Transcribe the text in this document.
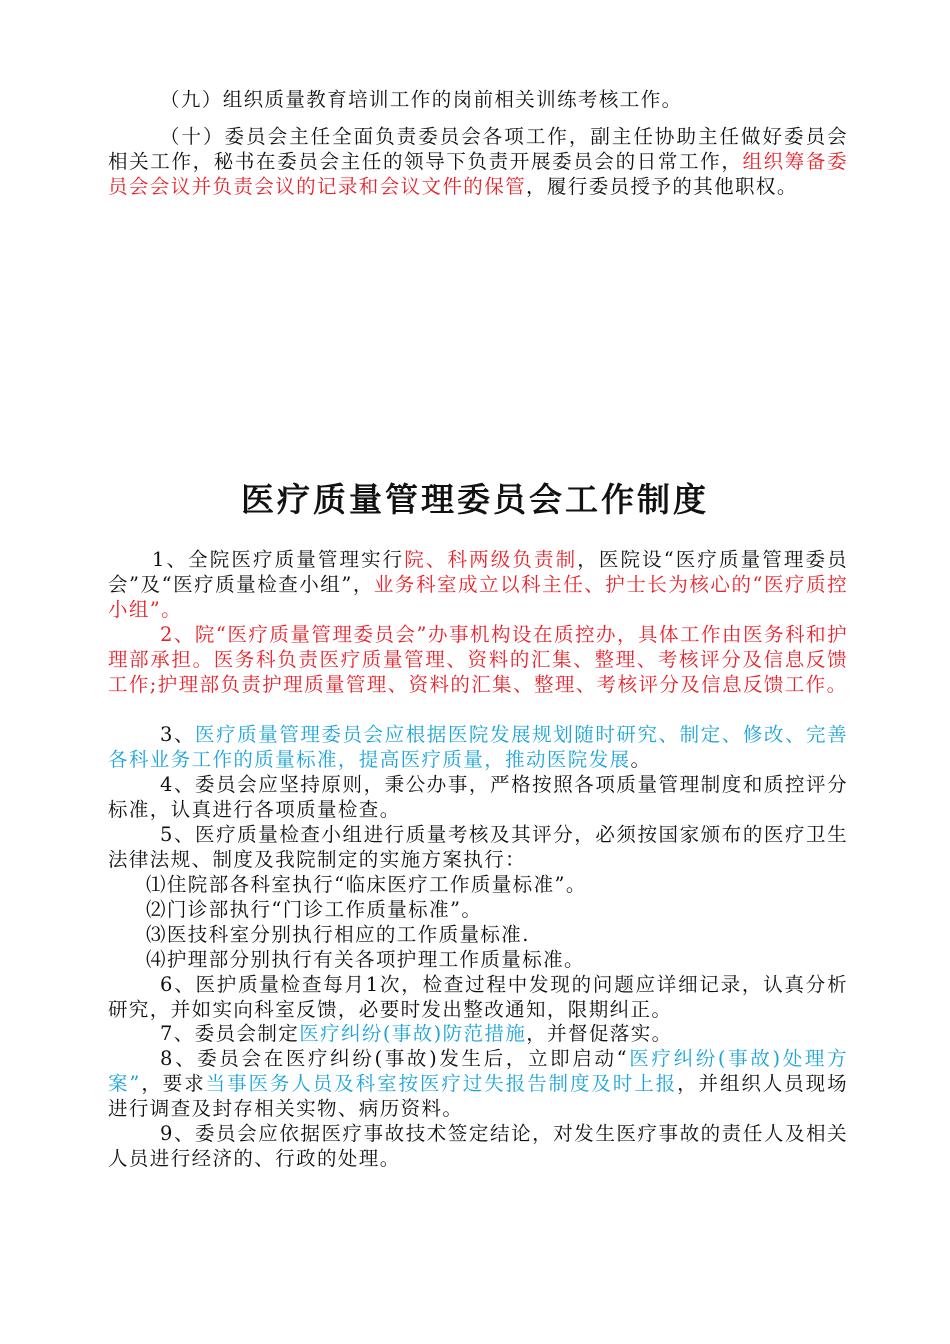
（九）组织质量教育培训工作的岗前相关训练考核工作。

（十）委员会主任全面负责委员会各项工作，副主任协助主任做好委员会相关工作，秘书在委员会主任的领导下负责开展委员会的日常工作，组织筹备委员会会议并负责会议的记录和会议文件的保管，履行委员授予的其他职权。

医疗质量管理委员会工作制度

1、全院医疗质量管理实行院、科两级负责制，医院设“医疗质量管理委员会”及“医疗质量检查小组”，业务科室成立以科主任、护士长为核心的“医疗质控小组”。

2、院“医疗质量管理委员会”办事机构设在质控办，具体工作由医务科和护理部承担。医务科负责医疗质量管理、资料的汇集、整理、考核评分及信息反馈工作;护理部负责护理质量管理、资料的汇集、整理、考核评分及信息反馈工作。

3、医疗质量管理委员会应根据医院发展规划随时研究、制定、修改、完善各科业务工作的质量标准，提高医疗质量，推动医院发展。

4、委员会应坚持原则，秉公办事，严格按照各项质量管理制度和质控评分标准，认真进行各项质量检查。

5、医疗质量检查小组进行质量考核及其评分，必须按国家颁布的医疗卫生法律法规、制度及我院制定的实施方案执行：

⑴住院部各科室执行“临床医疗工作质量标准”。

⑵门诊部执行“门诊工作质量标准”。

⑶医技科室分别执行相应的工作质量标准.

⑷护理部分别执行有关各项护理工作质量标准。

6、医护质量检查每月1次，检查过程中发现的问题应详细记录，认真分析研究，并如实向科室反馈，必要时发出整改通知，限期纠正。

7、委员会制定医疗纠纷(事故)防范措施，并督促落实。

8、委员会在医疗纠纷(事故)发生后，立即启动“医疗纠纷(事故)处理方案”，要求当事医务人员及科室按医疗过失报告制度及时上报，并组织人员现场进行调查及封存相关实物、病历资料。

9、委员会应依据医疗事故技术签定结论，对发生医疗事故的责任人及相关人员进行经济的、行政的处理。
